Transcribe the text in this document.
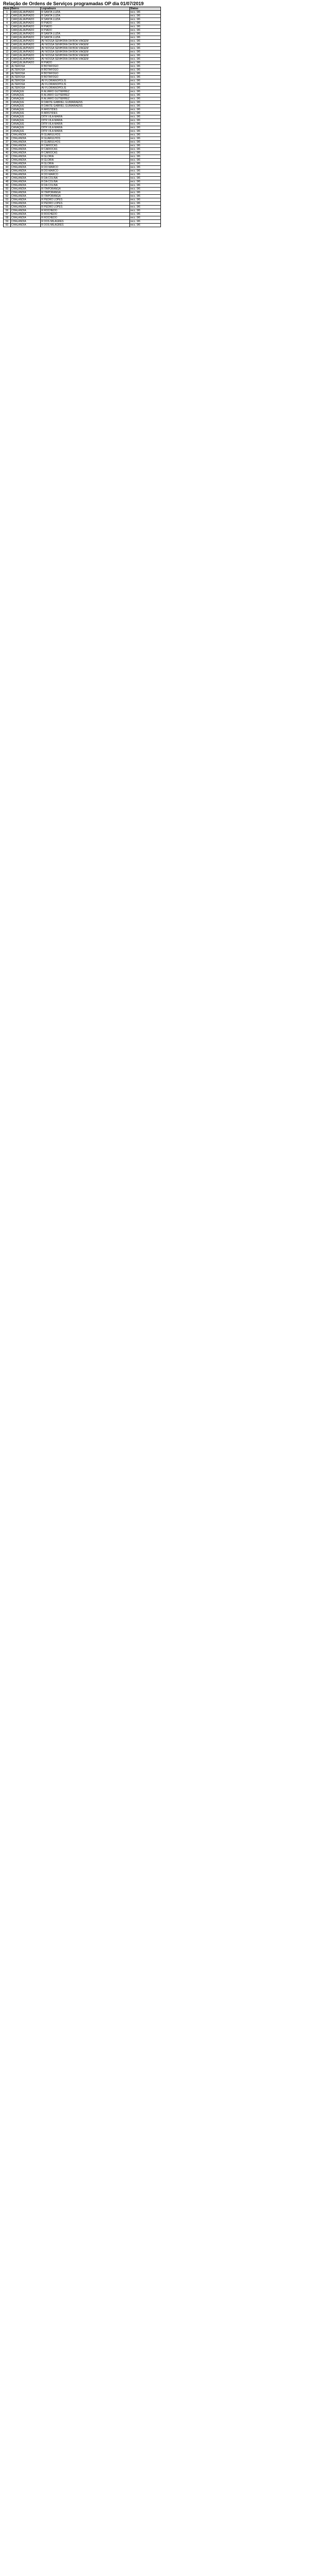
Relação de Ordens de Serviços programadas OP dia 01/07/2019
Item	Bairro	Logradouro	Status
1	CARQUEJA/PIADO	R SANTA LUZIA	recc. 9/6
2	CARQUEJA/PIADO	R SANTA LUZIA	recc. 9/6
3	CARQUEJA/PIADO	R SANTA LUZIA	recc. 9/6
4	CARQUEJA/PIADO	R PIADO	recc. 9/6
5	CARQUEJA/PIADO	R PIADO	recc. 9/6
6	CARQUEJA/PIADO	R PIADO	recc. 9/6
7	CARQUEJA/PIADO	R SANTA LUZIA	recc. 9/6
8	CARQUEJA/PIADO	R SANTA LUZIA	recc. 9/6
9	CARQUEJA/PIADO	AV NOSSA SENHORA DA BOA VIAGEM	recc. 9/6
10	CARQUEJA/PIADO	AV NOSSA SENHORA DA BOA VIAGEM	recc. 9/6
11	CARQUEJA/PIADO	AV NOSSA SENHORA DA BOA VIAGEM	recc. 9/6
12	CARQUEJA/PIADO	AV NOSSA SENHORA DA BOA VIAGEM	recc. 9/6
13	CARQUEJA/PIADO	AV NOSSA SENHORA DA BOA VIAGEM	recc. 9/6
14	CARQUEJA/PIADO	AV NOSSA SENHORA DA BOA VIAGEM	recc. 9/6
15	CARQUEJA/PIADO	R PIADO	recc. 9/6
16	ALTEROSA	R BOTAFOGO	recc. 9/6
17	ALTEROSA	R BOTAFOGO	recc. 9/6
18	ALTEROSA	R BOTAFOGO	recc. 9/6
19	ALTEROSA	R BOTAFOGO	recc. 9/6
20	ALTEROSA	AV FLORIANOPOLIS	recc. 9/6
21	ALTEROSA	AV FLORIANOPOLIS	recc. 9/6
22	ALTEROSA	AV FLORIANOPOLIS	recc. 9/6
23	CANAQUE	R ALVARO GUTIERREZ	recc. 9/6
24	CANAQUE	R ALVARO GUTIERREZ	recc. 9/6
25	CANAQUE	R ALVARO GUTIERREZ	recc. 9/6
26	CANAQUE	R DANTE GABRIEL GUIMARAENS	recc. 9/6
27	CANAQUE	R DANTE GABRIEL GUIMARAENS	recc. 9/6
28	CANAQUE	R ARISTIDES	recc. 9/6
29	CANAQUE	R ARISTIDES	recc. 9/6
30	CANAQUE	DITR VILA MARIA	recc. 9/6
31	CANAQUE	DITR VILA MARIA	recc. 9/6
32	CANAQUE	DITR VILA MARIA	recc. 9/6
33	CANAQUE	DITR VILA MARIA	recc. 9/6
34	CANAQUE	DITR VILA MARIA	recc. 9/6
35	CHALANDIA	R GUARULHOS	recc. 9/6
36	CHALANDIA	R GUARULHOS	recc. 9/6
37	CHALANDIA	R GUARULHOS	recc. 9/6
38	CHALANDIA	R CARIOCAS	recc. 9/6
39	CHALANDIA	R CARIOCAS	recc. 9/6
40	CHALANDIA	R CARIOCAS	recc. 9/6
41	CHALANDIA	R GLÓRIA	recc. 9/6
42	CHALANDIA	R GLÓRIA	recc. 9/6
43	CHALANDIA	R GLÓRIA	recc. 9/6
44	CHALANDIA	R DO MARCO	recc. 9/6
45	CHALANDIA	R DO MARCO	recc. 9/6
46	CHALANDIA	R DO MARCO	recc. 9/6
47	CHALANDIA	R DA COLINA	recc. 9/6
48	CHALANDIA	R DA COLINA	recc. 9/6
49	CHALANDIA	R DA COLINA	recc. 9/6
50	CHALANDIA	R ITAPORANGA	recc. 9/6
51	CHALANDIA	R ITAPORANGA	recc. 9/6
52	CHALANDIA	R ITAPORANGA	recc. 9/6
53	CHALANDIA	R PEDRO LOPES	recc. 9/6
54	CHALANDIA	R PEDRO LOPES	recc. 9/6
55	CHALANDIA	R PEDRO LOPES	recc. 9/6
56	CHALANDIA	R ROCHEDO	recc. 9/6
57	CHALANDIA	R ROCHEDO	recc. 9/6
58	CHALANDIA	R ROCHEDO	recc. 9/6
59	CHALANDIA	R DOS MILAGRES	recc. 9/6
60	CHALANDIA	R DOS MILAGRES	recc. 9/6
